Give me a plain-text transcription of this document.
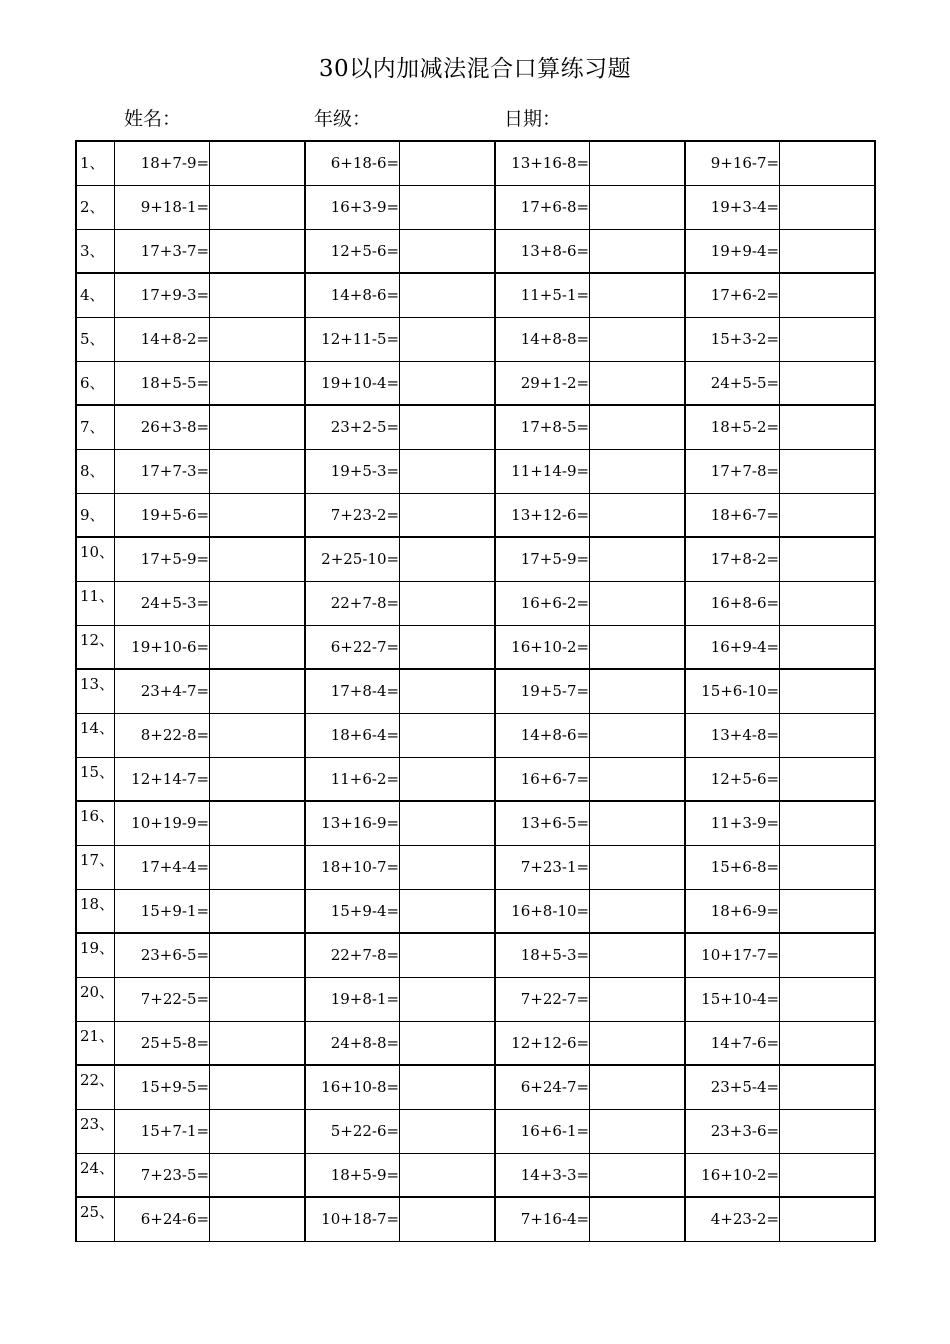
30以内加减法混合口算练习题
姓名：	年级：	日期：
1、	18+7-9=		6+18-6=		13+16-8=		9+16-7=	
2、	9+18-1=		16+3-9=		17+6-8=		19+3-4=	
3、	17+3-7=		12+5-6=		13+8-6=		19+9-4=	
4、	17+9-3=		14+8-6=		11+5-1=		17+6-2=	
5、	14+8-2=		12+11-5=		14+8-8=		15+3-2=	
6、	18+5-5=		19+10-4=		29+1-2=		24+5-5=	
7、	26+3-8=		23+2-5=		17+8-5=		18+5-2=	
8、	17+7-3=		19+5-3=		11+14-9=		17+7-8=	
9、	19+5-6=		7+23-2=		13+12-6=		18+6-7=	
10、	17+5-9=		2+25-10=		17+5-9=		17+8-2=	
11、	24+5-3=		22+7-8=		16+6-2=		16+8-6=	
12、	19+10-6=		6+22-7=		16+10-2=		16+9-4=	
13、	23+4-7=		17+8-4=		19+5-7=		15+6-10=	
14、	8+22-8=		18+6-4=		14+8-6=		13+4-8=	
15、	12+14-7=		11+6-2=		16+6-7=		12+5-6=	
16、	10+19-9=		13+16-9=		13+6-5=		11+3-9=	
17、	17+4-4=		18+10-7=		7+23-1=		15+6-8=	
18、	15+9-1=		15+9-4=		16+8-10=		18+6-9=	
19、	23+6-5=		22+7-8=		18+5-3=		10+17-7=	
20、	7+22-5=		19+8-1=		7+22-7=		15+10-4=	
21、	25+5-8=		24+8-8=		12+12-6=		14+7-6=	
22、	15+9-5=		16+10-8=		6+24-7=		23+5-4=	
23、	15+7-1=		5+22-6=		16+6-1=		23+3-6=	
24、	7+23-5=		18+5-9=		14+3-3=		16+10-2=	
25、	6+24-6=		10+18-7=		7+16-4=		4+23-2=	
